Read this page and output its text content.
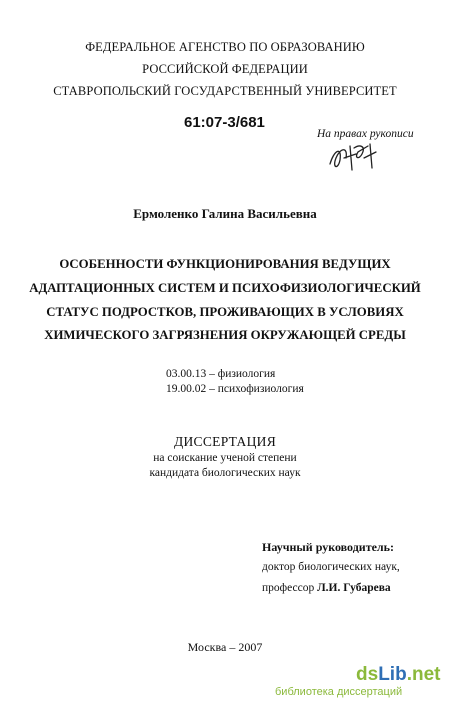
ФЕДЕРАЛЬНОЕ АГЕНСТВО ПО ОБРАЗОВАНИЮ
РОССИЙСКОЙ ФЕДЕРАЦИИ
СТАВРОПОЛЬСКИЙ ГОСУДАРСТВЕННЫЙ УНИВЕРСИТЕТ
61:07-3/681
На правах рукописи
Ермоленко Галина Васильевна
ОСОБЕННОСТИ ФУНКЦИОНИРОВАНИЯ ВЕДУЩИХ
АДАПТАЦИОННЫХ СИСТЕМ И ПСИХОФИЗИОЛОГИЧЕСКИЙ
СТАТУС ПОДРОСТКОВ, ПРОЖИВАЮЩИХ В УСЛОВИЯХ
ХИМИЧЕСКОГО ЗАГРЯЗНЕНИЯ ОКРУЖАЮЩЕЙ СРЕДЫ
03.00.13 – физиология
19.00.02 – психофизиология
ДИССЕРТАЦИЯ
на соискание ученой степени
кандидата биологических наук
Научный руководитель:
доктор биологических наук,
профессор Л.И. Губарева
Москва – 2007
dsLib.net
библиотека диссертаций
